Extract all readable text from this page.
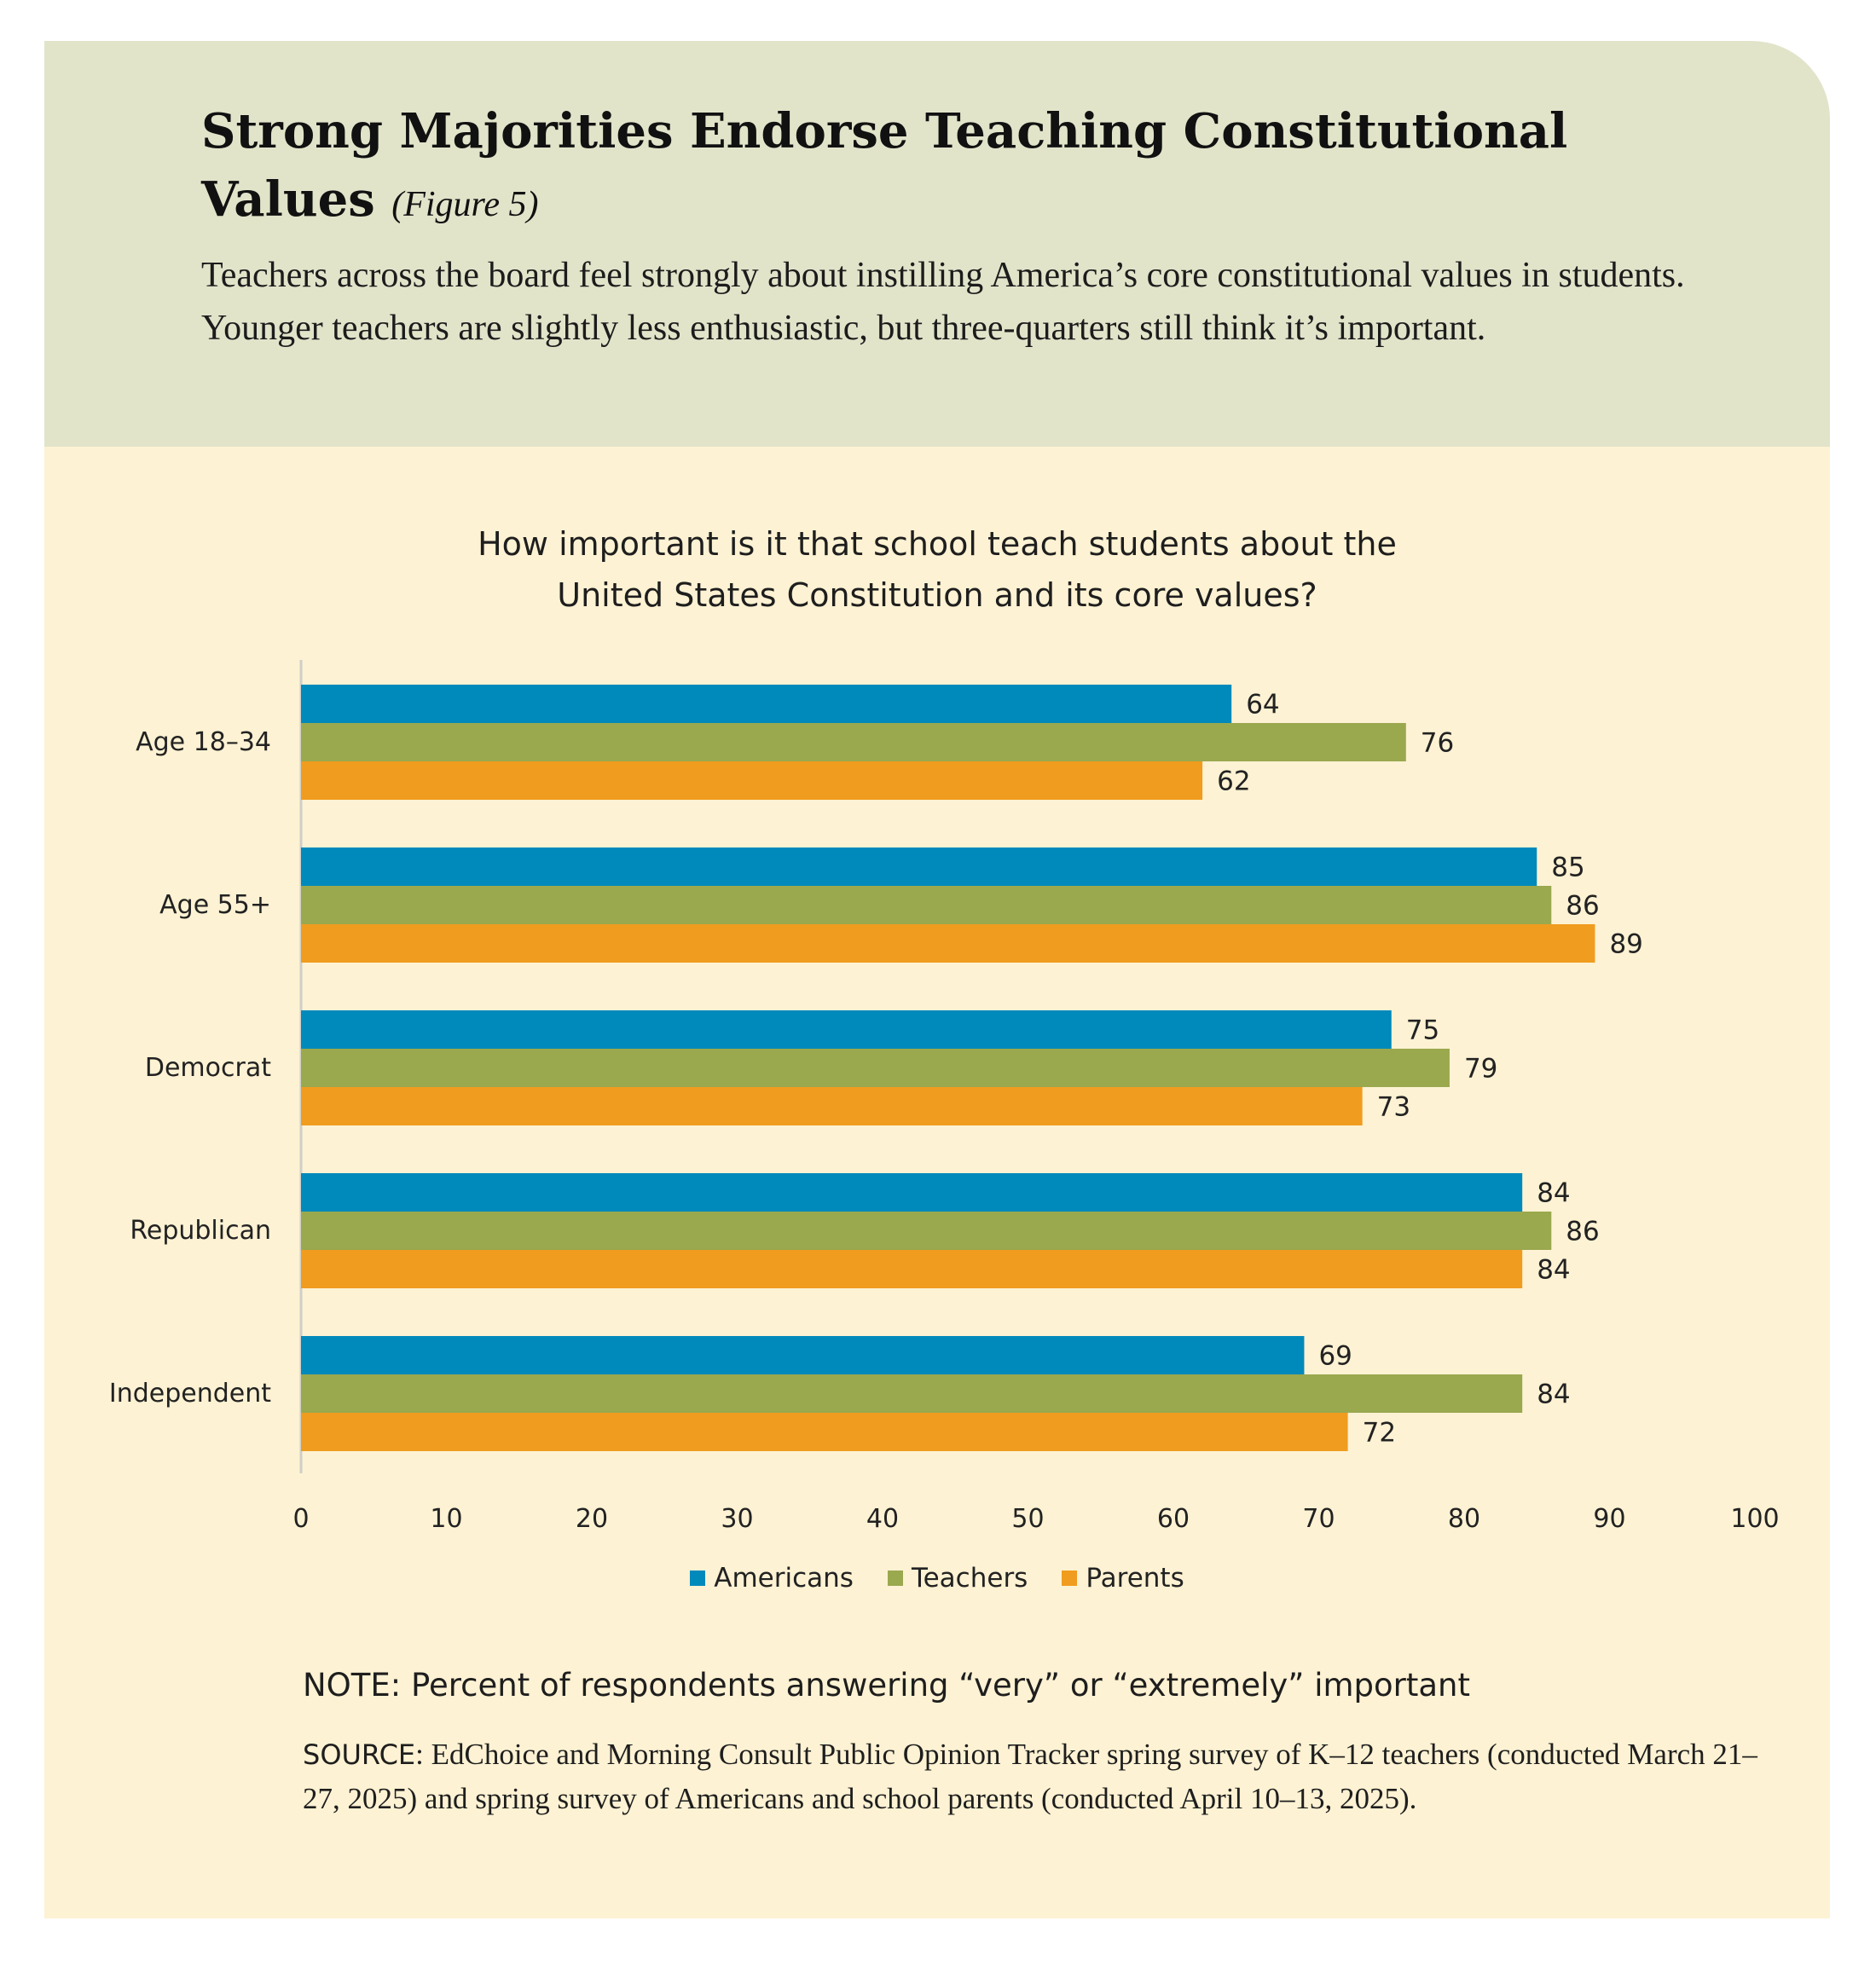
Strong Majorities Endorse Teaching Constitutional Values (Figure 5)

Teachers across the board feel strongly about instilling America’s core constitutional values in students. Younger teachers are slightly less enthusiastic, but three-quarters still think it’s important.

How important is it that school teach students about the
United States Constitution and its core values?
Age 18–34
64
76
62
Age 55+
85
86
89
Democrat
75
79
73
Republican
84
86
84
Independent
69
84
72
0	10	20	30	40	50	60	70	80	90	100
Americans Teachers Parents
NOTE: Percent of respondents answering “very” or “extremely” important

SOURCE: EdChoice and Morning Consult Public Opinion Tracker spring survey of K–12 teachers (conducted March 21–27, 2025) and spring survey of Americans and school parents (conducted April 10–13, 2025).
